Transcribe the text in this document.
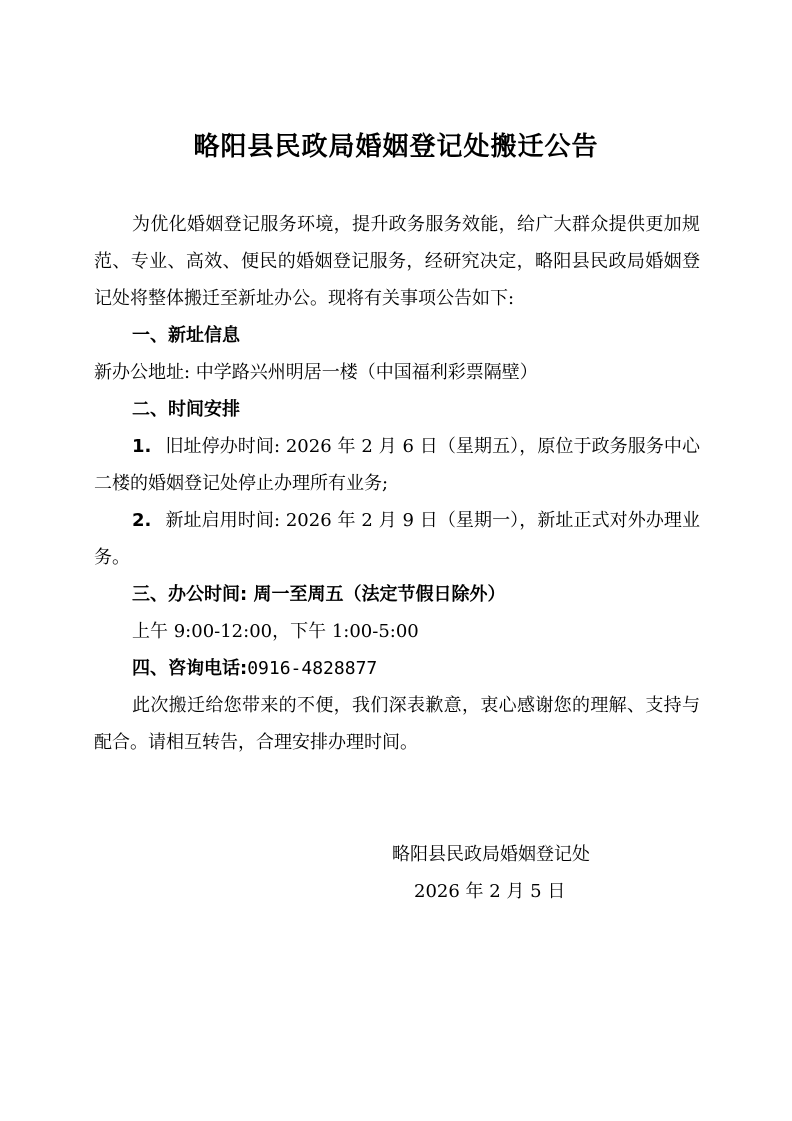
略阳县民政局婚姻登记处搬迁公告

为优化婚姻登记服务环境，提升政务服务效能，给广大群众提供更加规范、专业、高效、便民的婚姻登记服务，经研究决定，略阳县民政局婚姻登记处将整体搬迁至新址办公。现将有关事项公告如下:

一、新址信息

新办公地址: 中学路兴州明居一楼（中国福利彩票隔壁）

二、时间安排

1. 旧址停办时间: 2026 年 2 月 6 日（星期五），原位于政务服务中心二楼的婚姻登记处停止办理所有业务;

2. 新址启用时间: 2026 年 2 月 9 日（星期一），新址正式对外办理业务。

三、办公时间: 周一至周五（法定节假日除外）

上午 9:00-12:00，下午 1:00-5:00

四、咨询电话:0916-4828877

此次搬迁给您带来的不便，我们深表歉意，衷心感谢您的理解、支持与配合。请相互转告，合理安排办理时间。

略阳县民政局婚姻登记处

2026 年 2 月 5 日
